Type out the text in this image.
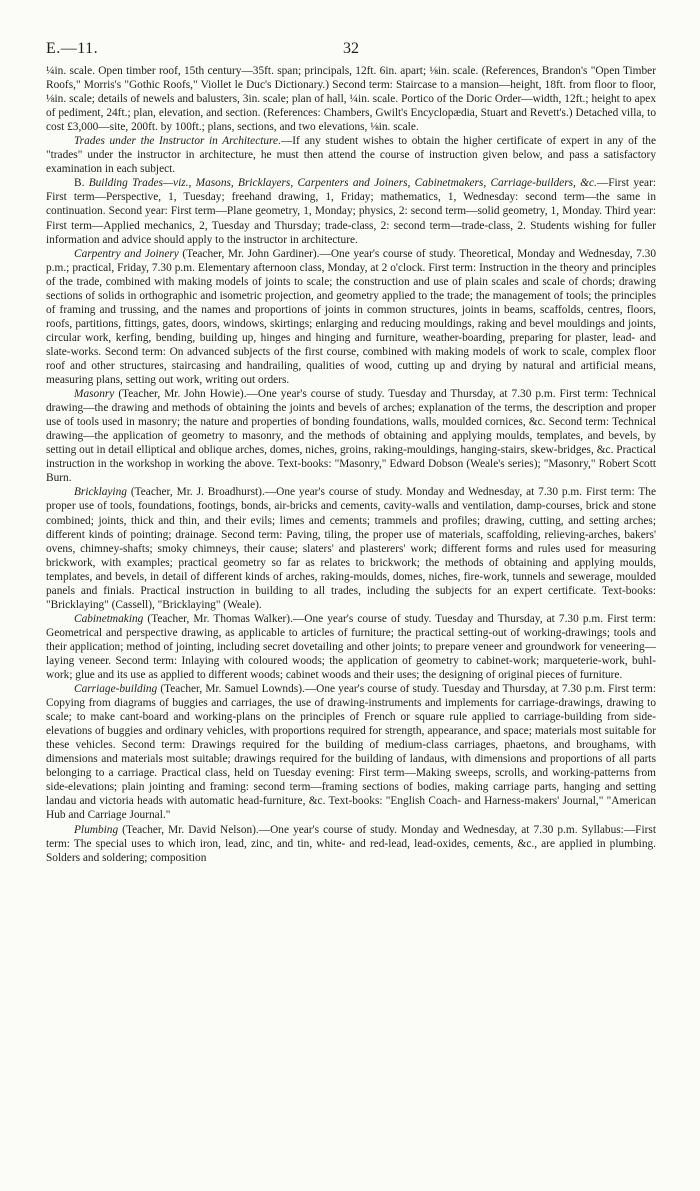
E.—11.	32

¼in. scale. Open timber roof, 15th century—35ft. span; principals, 12ft. 6in. apart; ⅛in. scale. (References, Brandon's "Open Timber Roofs," Morris's "Gothic Roofs," Viollet le Duc's Dictionary.) Second term: Staircase to a mansion—height, 18ft. from floor to floor, ⅛in. scale; details of newels and balusters, 3in. scale; plan of hall, ¼in. scale. Portico of the Doric Order—width, 12ft.; height to apex of pediment, 24ft.; plan, elevation, and section. (References: Chambers, Gwilt's Encyclopædia, Stuart and Revett's.) Detached villa, to cost £3,000—site, 200ft. by 100ft.; plans, sections, and two elevations, ⅛in. scale.

Trades under the Instructor in Architecture.—If any student wishes to obtain the higher certificate of expert in any of the "trades" under the instructor in architecture, he must then attend the course of instruction given below, and pass a satisfactory examination in each subject.

B. Building Trades—viz., Masons, Bricklayers, Carpenters and Joiners, Cabinetmakers, Carriage-builders, &c.—First year: First term—Perspective, 1, Tuesday; freehand drawing, 1, Friday; mathematics, 1, Wednesday: second term—the same in continuation. Second year: First term—Plane geometry, 1, Monday; physics, 2: second term—solid geometry, 1, Monday. Third year: First term—Applied mechanics, 2, Tuesday and Thursday; trade-class, 2: second term—trade-class, 2. Students wishing for fuller information and advice should apply to the instructor in architecture.

Carpentry and Joinery (Teacher, Mr. John Gardiner).—One year's course of study. Theoretical, Monday and Wednesday, 7.30 p.m.; practical, Friday, 7.30 p.m. Elementary afternoon class, Monday, at 2 o'clock. First term: Instruction in the theory and principles of the trade, combined with making models of joints to scale; the construction and use of plain scales and scale of chords; drawing sections of solids in orthographic and isometric projection, and geometry applied to the trade; the management of tools; the principles of framing and trussing, and the names and proportions of joints in common structures, joints in beams, scaffolds, centres, floors, roofs, partitions, fittings, gates, doors, windows, skirtings; enlarging and reducing mouldings, raking and bevel mouldings and joints, circular work, kerfing, bending, building up, hinges and hinging and furniture, weather-boarding, preparing for plaster, lead- and slate-works. Second term: On advanced subjects of the first course, combined with making models of work to scale, complex floor roof and other structures, staircasing and handrailing, qualities of wood, cutting up and drying by natural and artificial means, measuring plans, setting out work, writing out orders.

Masonry (Teacher, Mr. John Howie).—One year's course of study. Tuesday and Thursday, at 7.30 p.m. First term: Technical drawing—the drawing and methods of obtaining the joints and bevels of arches; explanation of the terms, the description and proper use of tools used in masonry; the nature and properties of bonding foundations, walls, moulded cornices, &c. Second term: Technical drawing—the application of geometry to masonry, and the methods of obtaining and applying moulds, templates, and bevels, by setting out in detail elliptical and oblique arches, domes, niches, groins, raking-mouldings, hanging-stairs, skew-bridges, &c. Practical instruction in the workshop in working the above. Text-books: "Masonry," Edward Dobson (Weale's series); "Masonry," Robert Scott Burn.

Bricklaying (Teacher, Mr. J. Broadhurst).—One year's course of study. Monday and Wednesday, at 7.30 p.m. First term: The proper use of tools, foundations, footings, bonds, air-bricks and cements, cavity-walls and ventilation, damp-courses, brick and stone combined; joints, thick and thin, and their evils; limes and cements; trammels and profiles; drawing, cutting, and setting arches; different kinds of pointing; drainage. Second term: Paving, tiling, the proper use of materials, scaffolding, relieving-arches, bakers' ovens, chimney-shafts; smoky chimneys, their cause; slaters' and plasterers' work; different forms and rules used for measuring brickwork, with examples; practical geometry so far as relates to brickwork; the methods of obtaining and applying moulds, templates, and bevels, in detail of different kinds of arches, raking-moulds, domes, niches, fire-work, tunnels and sewerage, moulded panels and finials. Practical instruction in building to all trades, including the subjects for an expert certificate. Text-books: "Bricklaying" (Cassell), "Bricklaying" (Weale).

Cabinetmaking (Teacher, Mr. Thomas Walker).—One year's course of study. Tuesday and Thursday, at 7.30 p.m. First term: Geometrical and perspective drawing, as applicable to articles of furniture; the practical setting-out of working-drawings; tools and their application; method of jointing, including secret dovetailing and other joints; to prepare veneer and groundwork for veneering—laying veneer. Second term: Inlaying with coloured woods; the application of geometry to cabinet-work; marqueterie-work, buhl-work; glue and its use as applied to different woods; cabinet woods and their uses; the designing of original pieces of furniture.

Carriage-building (Teacher, Mr. Samuel Lownds).—One year's course of study. Tuesday and Thursday, at 7.30 p.m. First term: Copying from diagrams of buggies and carriages, the use of drawing-instruments and implements for carriage-drawings, drawing to scale; to make cant-board and working-plans on the principles of French or square rule applied to carriage-building from side-elevations of buggies and ordinary vehicles, with proportions required for strength, appearance, and space; materials most suitable for these vehicles. Second term: Drawings required for the building of medium-class carriages, phaetons, and broughams, with dimensions and materials most suitable; drawings required for the building of landaus, with dimensions and proportions of all parts belonging to a carriage. Practical class, held on Tuesday evening: First term—Making sweeps, scrolls, and working-patterns from side-elevations; plain jointing and framing: second term—framing sections of bodies, making carriage parts, hanging and setting landau and victoria heads with automatic head-furniture, &c. Text-books: "English Coach- and Harness-makers' Journal," "American Hub and Carriage Journal."

Plumbing (Teacher, Mr. David Nelson).—One year's course of study. Monday and Wednesday, at 7.30 p.m. Syllabus:—First term: The special uses to which iron, lead, zinc, and tin, white- and red-lead, lead-oxides, cements, &c., are applied in plumbing. Solders and soldering; composition
